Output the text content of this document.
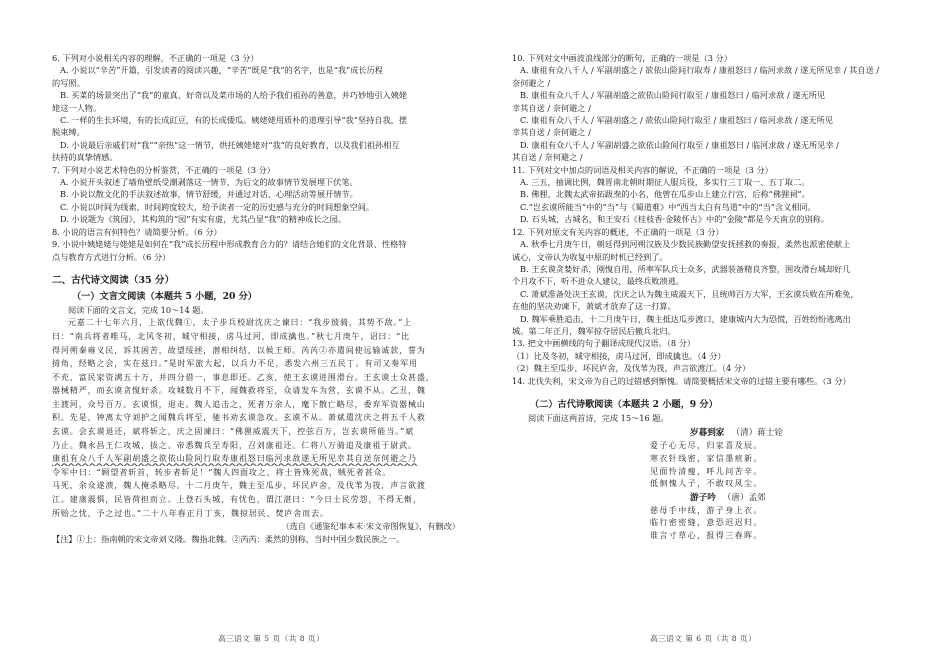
6. 下列对小说相关内容的理解，不正确的一项是（3 分）
A. 小说以“辛苦”开篇，引发读者的阅读兴趣，“辛苦”既是“我”的名字，也是“我”成长历程
的写照。
B. 买菜的场景突出了“我”的童真、好奇以及菜市场的人给予我们祖孙的善意，并巧妙地引入姨姥
姥这一人物。
C. 一样的生长环境，有的长成豇豆，有的长成倭瓜。姨姥姥用质朴的道理引导“我”坚持自我，摆
脱束缚。
D. 小说最后亲戚们对“我”“亲热”这一情节，烘托姨姥姥对“我”的良好教育，以及我们祖孙相互
扶持的真挚情感。
7. 下列对小说艺术特色的分析鉴赏，不正确的一项是（3 分）
A. 小说开头叙述了墙角壁纸受潮剥落这一情节，为后文的故事情节发展埋下伏笔。
B. 小说以散文化的手法叙述故事，情节舒缓，并通过对话、心理活动等展开情节。
C. 小说以时间为线索，时间跨度较大，给予读者一定的历史感与充分的时间想象空间。
D. 小说题为《筑园》，其构筑的“园”有实有虚，尤其凸显“我”的精神成长之园。
8. 小说的语言有何特色？请简要分析。（6 分）
9. 小说中姨姥姥与姥姥是如何在“我”成长历程中形成教育合力的？请结合她们的文化背景、性格特
点与教育方式进行分析。（6 分）
二、古代诗文阅读（35 分）
（一）文言文阅读（本题共 5 小题，20 分）
阅读下面的文言文，完成 10～14 题。
元嘉二十七年六月，上欲伐魏①，太子步兵校尉沈庆之谏曰：“我步彼骑，其势不敌。”上
曰：“南兵将者唯马，北风冬初，城守相接，虏马过河，即成擒也。”秋七月庚午，诏曰：“比
得河朔秦雍义民，诉其困苦，故望绥拯，潜相纠结，以候王师。芮芮②亦遣间使远输诚款，誓为
掎角，经略之会，实在兹日。”是时军旅大起，以兵力不足，悉发六州三五民丁。有司又奏军用
不充，富民家资满五十万，并四分借一，事息即还。乙亥，使王玄谟进围滑台。王玄谟士众甚盛，
器械精严，而玄谟贪愎好杀。攻城数月不下，闻魏救将至，众请发车为营，玄谟不从。乙丑，魏
主渡河，众号百万。玄谟惧，退走。魏人追击之，死者万余人，麾下散亡略尽，委弃军资器械山
积。先是，钟离太守刘护之闻魏兵将至，驰书劝玄谟急攻。玄谟不从。萧斌遣沈庆之将五千人救
玄谟。会玄谟退还，斌将斩之，庆之固谏曰：“佛狸威震天下，控弦百万，岂玄谟所能当。”斌
乃止。魏永昌王仁攻城，拔之。帝悉魏兵至寿阳，召刘康祖还。仁将八万骑追及康祖于尉武。
康祖有众八千人军副胡盛之欲依山险间行取寿康祖怒曰临河求敌遂无所见幸其自送奈何避之乃
令军中曰：“顾望者斩首，转步者斩足！”魏人四面攻之，将士皆殊死战，贼死者甚众。
马死，余众遂溃，魏人掩杀略尽。十二月庚午，魏主至瓜步，坏民庐舍，及伐苇为筏，声言欲渡
江。建康震惧，民皆荷担而立。上登石头城，有忧色，谓江湛曰：“今日士民劳怨，不得无惭，
所贻之忧，予之过也。”二十八年春正月丁亥，魏掠居民、焚庐舍而去。
（选自《通鉴纪事本末·宋文帝图恢复》，有删改）
【注】①上：指南朝的宋文帝刘义隆。魏指北魏。②芮芮：柔然的别称，当时中国少数民族之一。
高三语文 第 5 页（共 8 页）
10. 下列对文中画波浪线部分的断句，正确的一项是（3 分）
A. 康祖有众八千人 / 军副胡盛之 / 欲依山险间行取寿 / 康祖怒曰 / 临河求敌 / 遂无所见幸 / 其自送 /
奈何避之 /
B. 康祖有众八千人 / 军副胡盛之欲依山险间行取至 / 康祖怒曰 / 临河求敌 / 遂无所见
幸其自送 / 奈何避之 /
C. 康祖有众八千人 / 军副胡盛之 / 欲依山险间行取至 / 康祖怒曰 / 临河求敌 / 遂无所见
幸其自送 / 奈何避之 /
D. 康祖有众八千人 / 军副胡盛之欲依山险间行取至 / 康祖怒曰 / 临河求敌 / 遂无所见幸 /
其自送 / 奈何避之 /
11. 下列对文中加点的词语及相关内容的解说，不正确的一项是（3 分）
A. 三五，抽调比例，魏晋南北朝时期征人服兵役，多实行三丁取一、五丁取二。
B. 佛狸，北魏太武帝拓跋焘的小名，他曾在瓜步山上建立行宫，后称“佛狸祠”。
C.“岂玄谟所能当”中的“当”与《蜀道难》中“西当太白有鸟道”中的“当”含义相同。
D. 石头城，古城名，和王安石《桂枝香·金陵怀古》中的“金陵”都是今天南京的别称。
12. 下列对原文有关内容的概述，不正确的一项是（3 分）
A. 秋季七月庚午日，朝廷得到河朔汉族及少数民族勤望安抚拯救的奏报，柔然也派密使献上
诚心，文帝认为收复中原的时机已经到了。
B. 王玄谟贪婪好杀，刚愎自用，所率军队兵士众多，武器装备精良齐整，围攻滑台城却好几
个月攻不下，听不进众人建议，最终兵败溃逃。
C. 萧斌准备处决王玄谟，沈庆之认为魏主威震天下，且统帅百万大军，王玄谟兵败在所难免，
在他的坚决劝谏下，萧斌才放弃了这一打算。
D. 魏军乘胜追击，十二月庚午日，魏主抵达瓜步渡口，建康城内大为恐慌，百姓纷纷逃离出
城。第二年正月，魏军掠夺居民后撤兵北归。
13. 把文中画横线的句子翻译成现代汉语。（8 分）
（1）比及冬初，城守相接，虏马过河，即成擒也。（4 分）
（2）魏主至瓜步，坏民庐舍，及伐苇为筏，声言欲渡江。（4 分）
14. 北伐失利，宋文帝为自己的过错感到惭愧。请简要概括宋文帝的过错主要有哪些。（3 分）
（二）古代诗歌阅读（本题共 2 小题，9 分）
阅读下面这两首诗，完成 15～16 题。
岁暮到家 （清）蒋士铨
爱子心无尽，归家喜及辰。
寒衣针线密，家信墨痕新。
见面怜清瘦，呼儿问苦辛。
低徊愧人子，不敢叹风尘。
游子吟 （唐）孟郊
慈母手中线，游子身上衣。
临行密密缝，意恐迟迟归。
谁言寸草心，报得三春晖。
高三语文 第 6 页（共 8 页）
